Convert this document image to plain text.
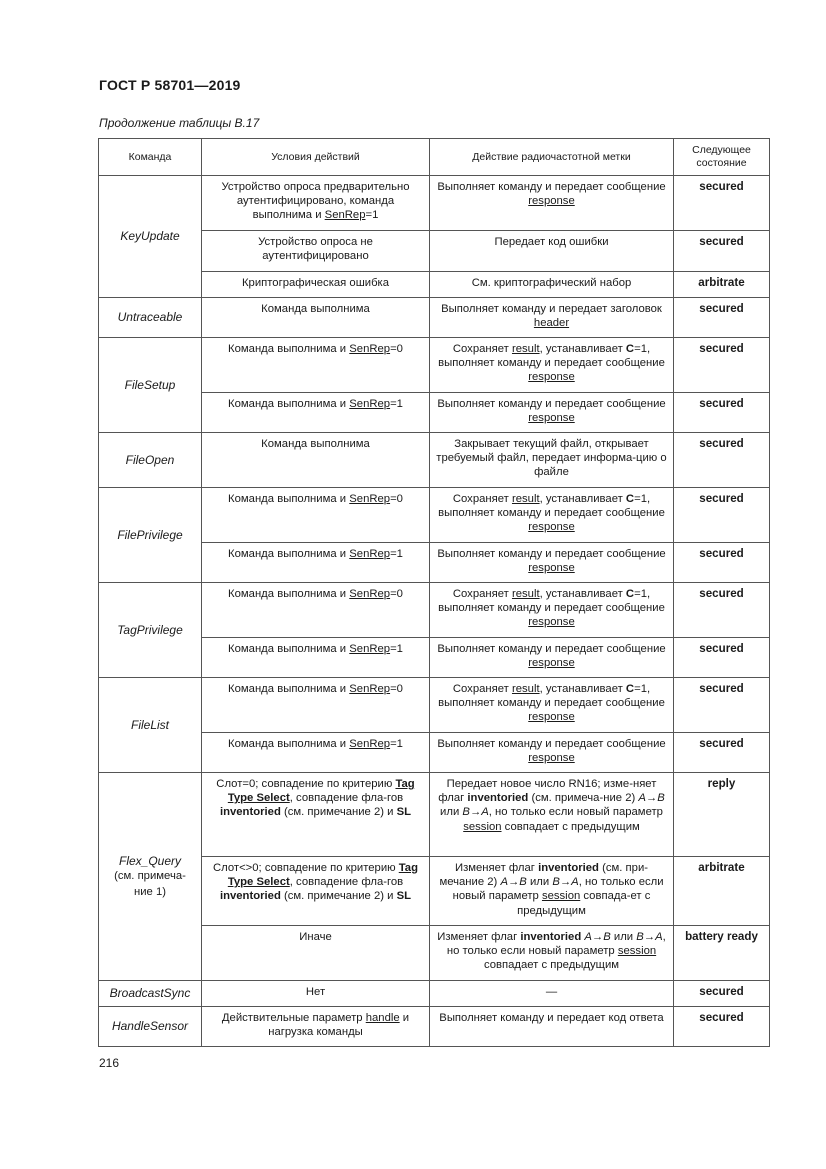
ГОСТ Р 58701—2019
Продолжение таблицы В.17
Команда	Условия действий	Действие радиочастотной метки	Следующее состояние
KeyUpdate	Устройство опроса предварительно аутентифицировано, команда выполнима и SenRep=1	Выполняет команду и передает сообщение response	secured
	Устройство опроса не аутентифицировано	Передает код ошибки	secured
	Криптографическая ошибка	См. криптографический набор	arbitrate
Untraceable	Команда выполнима	Выполняет команду и передает заголовок header	secured
FileSetup	Команда выполнима и SenRep=0	Сохраняет result, устанавливает C=1, выполняет команду и передает сообщение response	secured
	Команда выполнима и SenRep=1	Выполняет команду и передает сообщение response	secured
FileOpen	Команда выполнима	Закрывает текущий файл, открывает требуемый файл, передает информа-цию о файле	secured
FilePrivilege	Команда выполнима и SenRep=0	Сохраняет result, устанавливает C=1, выполняет команду и передает сообщение response	secured
	Команда выполнима и SenRep=1	Выполняет команду и передает сообщение response	secured
TagPrivilege	Команда выполнима и SenRep=0	Сохраняет result, устанавливает C=1, выполняет команду и передает сообщение response	secured
	Команда выполнима и SenRep=1	Выполняет команду и передает сообщение response	secured
FileList	Команда выполнима и SenRep=0	Сохраняет result, устанавливает C=1, выполняет команду и передает сообщение response	secured
	Команда выполнима и SenRep=1	Выполняет команду и передает сообщение response	secured
Flex_Query
(см. примеча-ние 1)	Слот=0; совпадение по критерию Tag Type Select, совпадение фла-гов inventoried (см. примечание 2) и SL	Передает новое число RN16; изме-няет флаг inventoried (см. примеча-ние 2) A→B или B→A, но только если новый параметр session совпадает с предыдущим	reply
	Слот<>0; совпадение по критерию Tag Type Select, совпадение фла-гов inventoried (см. примечание 2) и SL	Изменяет флаг inventoried (см. при-мечание 2) A→B или B→A, но только если новый параметр session совпада-ет с предыдущим	arbitrate
	Иначе	Изменяет флаг inventoried A→B или B→A, но только если новый параметр session совпадает с предыдущим	battery ready
BroadcastSync	Нет	—	secured
HandleSensor	Действительные параметр handle и нагрузка команды	Выполняет команду и передает код ответа	secured
216
